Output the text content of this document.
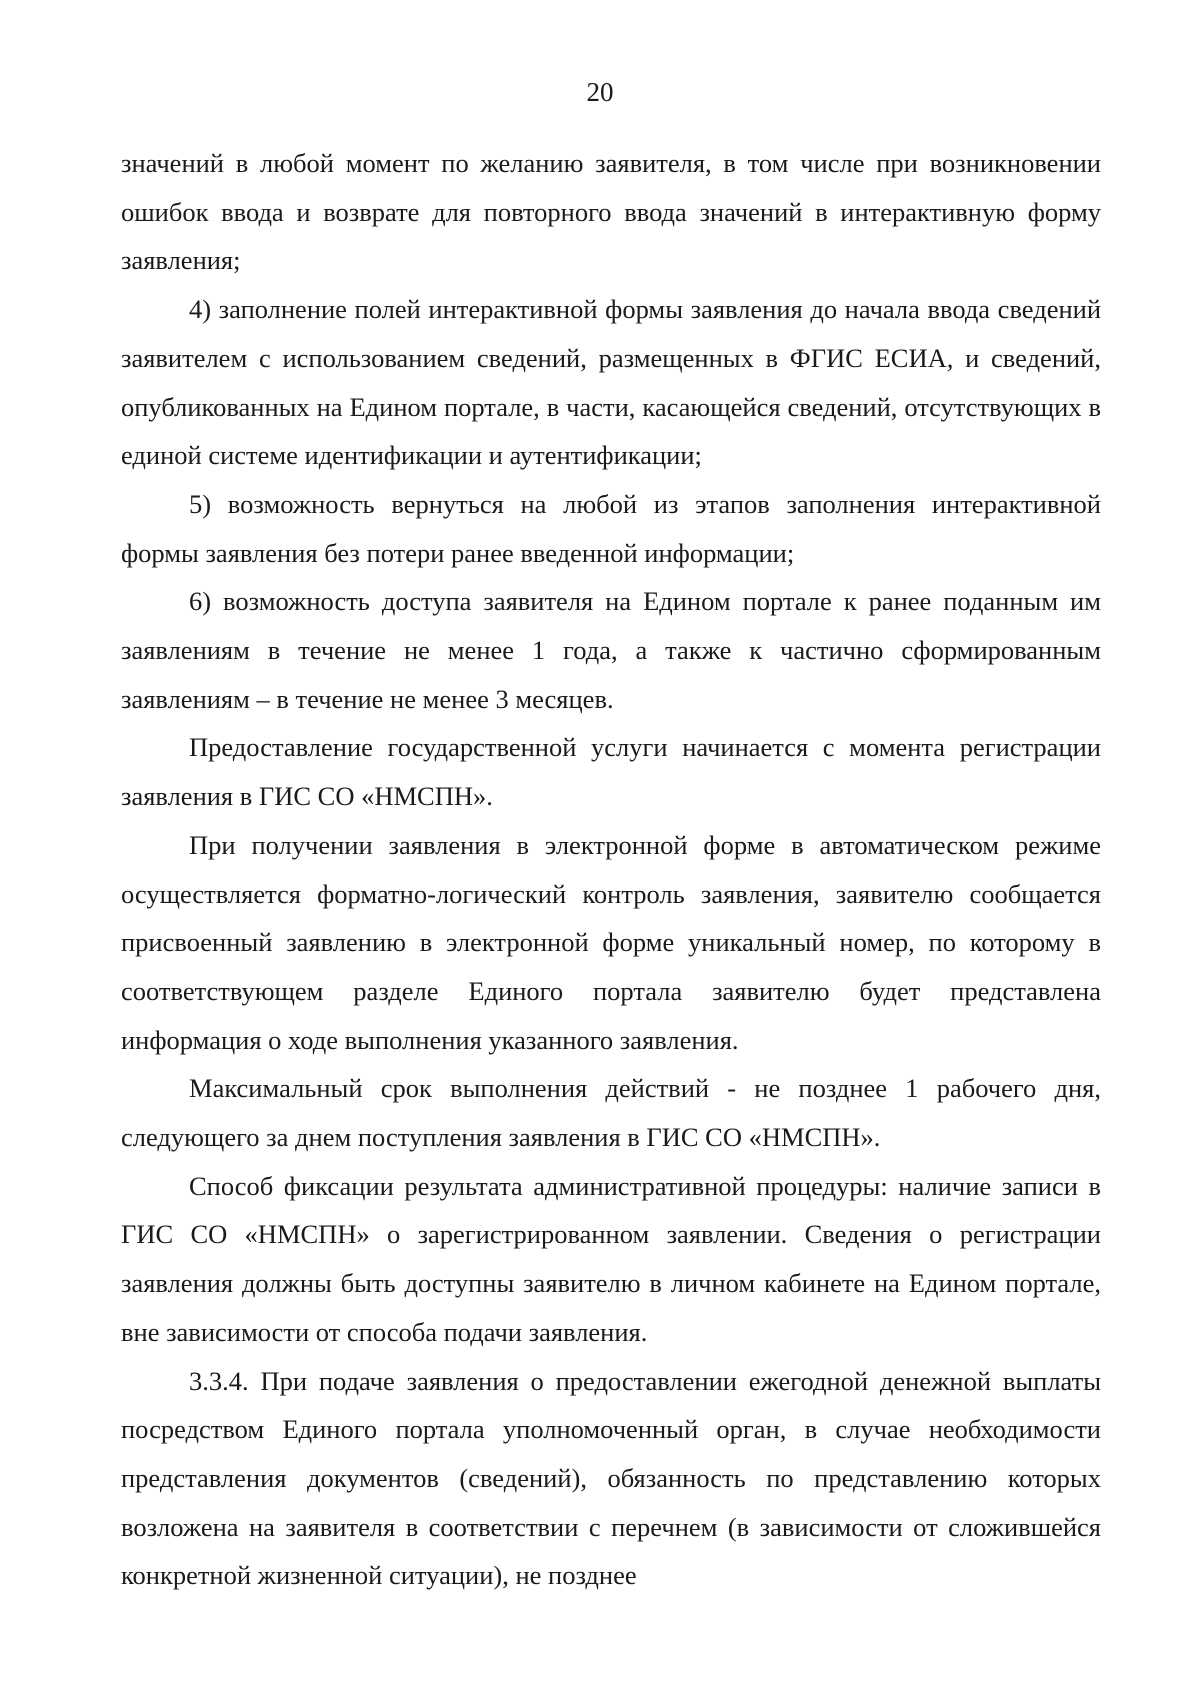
20

значений в любой момент по желанию заявителя, в том числе при возникновении ошибок ввода и возврате для повторного ввода значений в интерактивную форму заявления;

4) заполнение полей интерактивной формы заявления до начала ввода сведений заявителем с использованием сведений, размещенных в ФГИС ЕСИА, и сведений, опубликованных на Едином портале, в части, касающейся сведений, отсутствующих в единой системе идентификации и аутентификации;

5) возможность вернуться на любой из этапов заполнения интерактивной формы заявления без потери ранее введенной информации;

6) возможность доступа заявителя на Едином портале к ранее поданным им заявлениям в течение не менее 1 года, а также к частично сформированным заявлениям – в течение не менее 3 месяцев.

Предоставление государственной услуги начинается с момента регистрации заявления в ГИС СО «НМСПН».

При получении заявления в электронной форме в автоматическом режиме осуществляется форматно-логический контроль заявления, заявителю сообщается присвоенный заявлению в электронной форме уникальный номер, по которому в соответствующем разделе Единого портала заявителю будет представлена информация о ходе выполнения указанного заявления.

Максимальный срок выполнения действий - не позднее 1 рабочего дня, следующего за днем поступления заявления в ГИС СО «НМСПН».

Способ фиксации результата административной процедуры: наличие записи в ГИС СО «НМСПН» о зарегистрированном заявлении. Сведения о регистрации заявления должны быть доступны заявителю в личном кабинете на Едином портале, вне зависимости от способа подачи заявления.

3.3.4. При подаче заявления о предоставлении ежегодной денежной выплаты посредством Единого портала уполномоченный орган, в случае необходимости представления документов (сведений), обязанность по представлению которых возложена на заявителя в соответствии с перечнем (в зависимости от сложившейся конкретной жизненной ситуации), не позднее
